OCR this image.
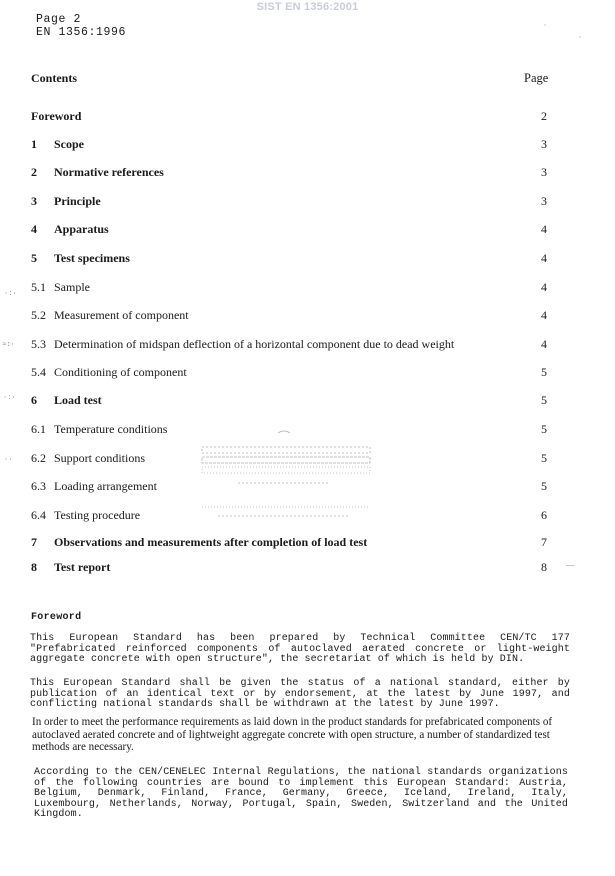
SIST EN 1356:2001
Page 2
EN 1356:1996
Contents	Page
Foreword	2
1 Scope	3
2 Normative references	3
3 Principle	3
4 Apparatus	4
5 Test specimens	4
5.1 Sample	4
5.2 Measurement of component	4
5.3 Determination of midspan deflection of a horizontal component due to dead weight	4
5.4 Conditioning of component	5
6 Load test	5
6.1 Temperature conditions	5
6.2 Support conditions	5
6.3 Loading arrangement	5
6.4 Testing procedure	6
7 Observations and measurements after completion of load test	7
8 Test report	8
Foreword

This European Standard has been prepared by Technical Committee CEN/TC 177 "Prefabricated reinforced components of autoclaved aerated concrete or light-weight aggregate concrete with open structure", the secretariat of which is held by DIN.

This European Standard shall be given the status of a national standard, either by publication of an identical text or by endorsement, at the latest by June 1997, and conflicting national standards shall be withdrawn at the latest by June 1997.

In order to meet the performance requirements as laid down in the product standards for prefabricated components of autoclaved aerated concrete and of lightweight aggregate concrete with open structure, a number of standardized test methods are necessary.

According to the CEN/CENELEC Internal Regulations, the national standards organizations of the following countries are bound to implement this European Standard: Austria, Belgium, Denmark, Finland, France, Germany, Greece, Iceland, Ireland, Italy, Luxembourg, Netherlands, Norway, Portugal, Spain, Sweden, Switzerland and the United Kingdom.

·
·
·:·
≈:·
·:·
··
——
